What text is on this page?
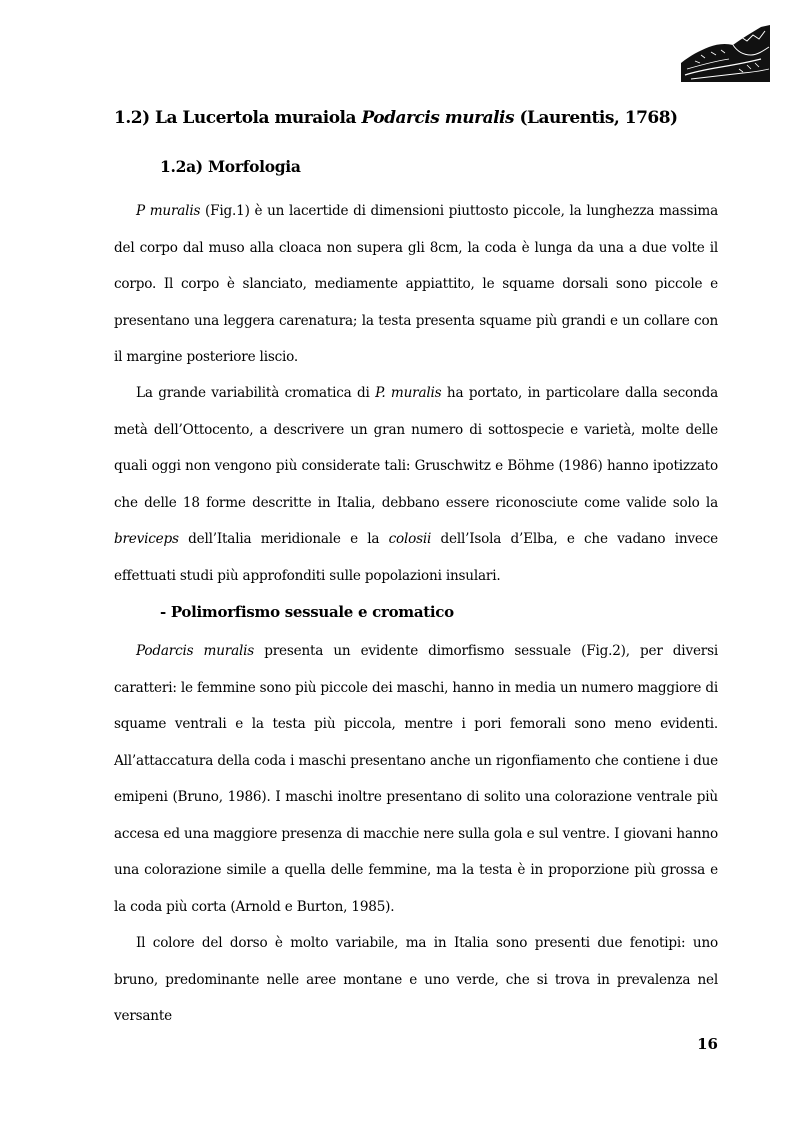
1.2) La Lucertola muraiola Podarcis muralis (Laurentis, 1768)
1.2a) Morfologia
P muralis (Fig.1) è un lacertide di dimensioni piuttosto piccole, la lunghezza massima del corpo dal muso alla cloaca non supera gli 8cm, la coda è lunga da una a due volte il corpo. Il corpo è slanciato, mediamente appiattito, le squame dorsali sono piccole e presentano una leggera carenatura; la testa presenta squame più grandi e un collare con il margine posteriore liscio.
La grande variabilità cromatica di P. muralis ha portato, in particolare dalla seconda metà dell’Ottocento, a descrivere un gran numero di sottospecie e varietà, molte delle quali oggi non vengono più considerate tali: Gruschwitz e Böhme (1986) hanno ipotizzato che delle 18 forme descritte in Italia, debbano essere riconosciute come valide solo la breviceps dell’Italia meridionale e la colosii dell’Isola d’Elba, e che vadano invece effettuati studi più approfonditi sulle popolazioni insulari.
- Polimorfismo sessuale e cromatico
Podarcis muralis presenta un evidente dimorfismo sessuale (Fig.2), per diversi caratteri: le femmine sono più piccole dei maschi, hanno in media un numero maggiore di squame ventrali e la testa più piccola, mentre i pori femorali sono meno evidenti. All’attaccatura della coda i maschi presentano anche un rigonfiamento che contiene i due emipeni (Bruno, 1986). I maschi inoltre presentano di solito una colorazione ventrale più accesa ed una maggiore presenza di macchie nere sulla gola e sul ventre. I giovani hanno una colorazione simile a quella delle femmine, ma la testa è in proporzione più grossa e la coda più corta (Arnold e Burton, 1985).
Il colore del dorso è molto variabile, ma in Italia sono presenti due fenotipi: uno bruno, predominante nelle aree montane e uno verde, che si trova in prevalenza nel versante
16
